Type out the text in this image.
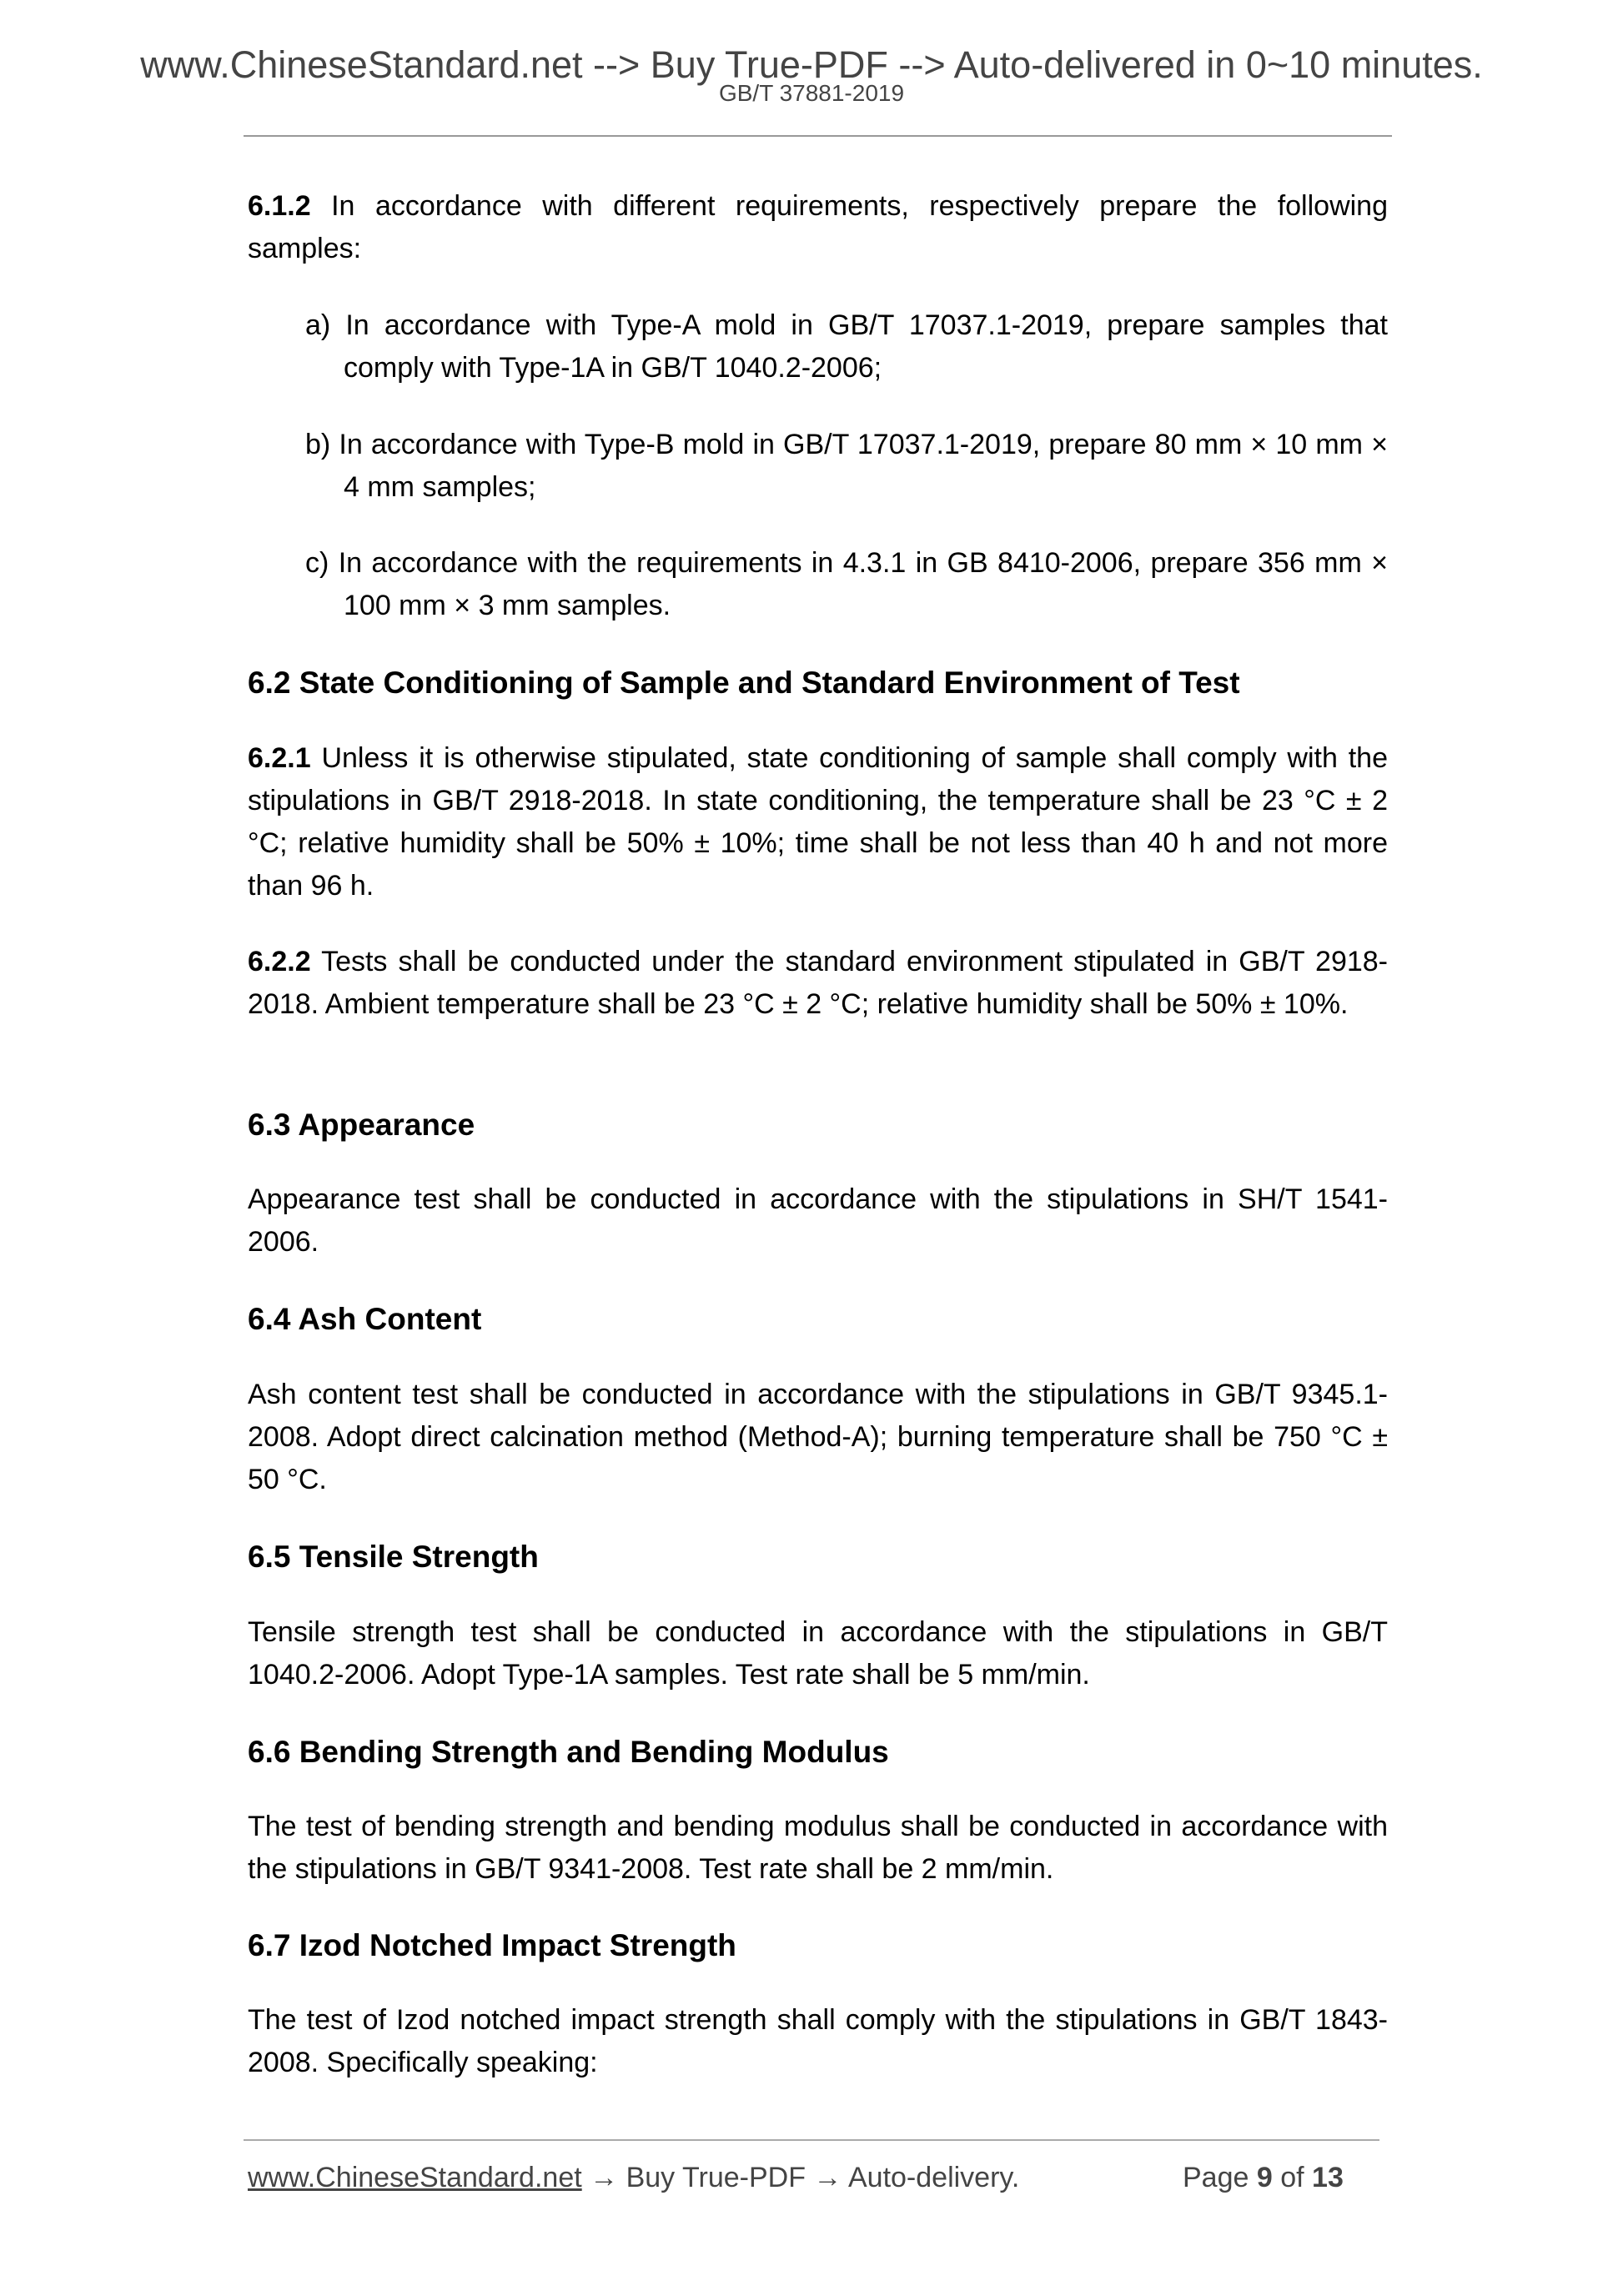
www.ChineseStandard.net --> Buy True-PDF --> Auto-delivered in 0~10 minutes.
GB/T 37881-2019
6.1.2 In accordance with different requirements, respectively prepare the following samples:
a) In accordance with Type-A mold in GB/T 17037.1-2019, prepare samples that comply with Type-1A in GB/T 1040.2-2006;
b) In accordance with Type-B mold in GB/T 17037.1-2019, prepare 80 mm × 10 mm × 4 mm samples;
c) In accordance with the requirements in 4.3.1 in GB 8410-2006, prepare 356 mm × 100 mm × 3 mm samples.
6.2 State Conditioning of Sample and Standard Environment of Test
6.2.1 Unless it is otherwise stipulated, state conditioning of sample shall comply with the stipulations in GB/T 2918-2018. In state conditioning, the temperature shall be 23 °C ± 2 °C; relative humidity shall be 50% ± 10%; time shall be not less than 40 h and not more than 96 h.
6.2.2 Tests shall be conducted under the standard environment stipulated in GB/T 2918-2018. Ambient temperature shall be 23 °C ± 2 °C; relative humidity shall be 50% ± 10%.
6.3 Appearance
Appearance test shall be conducted in accordance with the stipulations in SH/T 1541-2006.
6.4 Ash Content
Ash content test shall be conducted in accordance with the stipulations in GB/T 9345.1-2008. Adopt direct calcination method (Method-A); burning temperature shall be 750 °C ± 50 °C.
6.5 Tensile Strength
Tensile strength test shall be conducted in accordance with the stipulations in GB/T 1040.2-2006. Adopt Type-1A samples. Test rate shall be 5 mm/min.
6.6 Bending Strength and Bending Modulus
The test of bending strength and bending modulus shall be conducted in accordance with the stipulations in GB/T 9341-2008. Test rate shall be 2 mm/min.
6.7 Izod Notched Impact Strength
The test of Izod notched impact strength shall comply with the stipulations in GB/T 1843-2008. Specifically speaking:
www.ChineseStandard.net → Buy True-PDF → Auto-delivery.	Page 9 of 13
